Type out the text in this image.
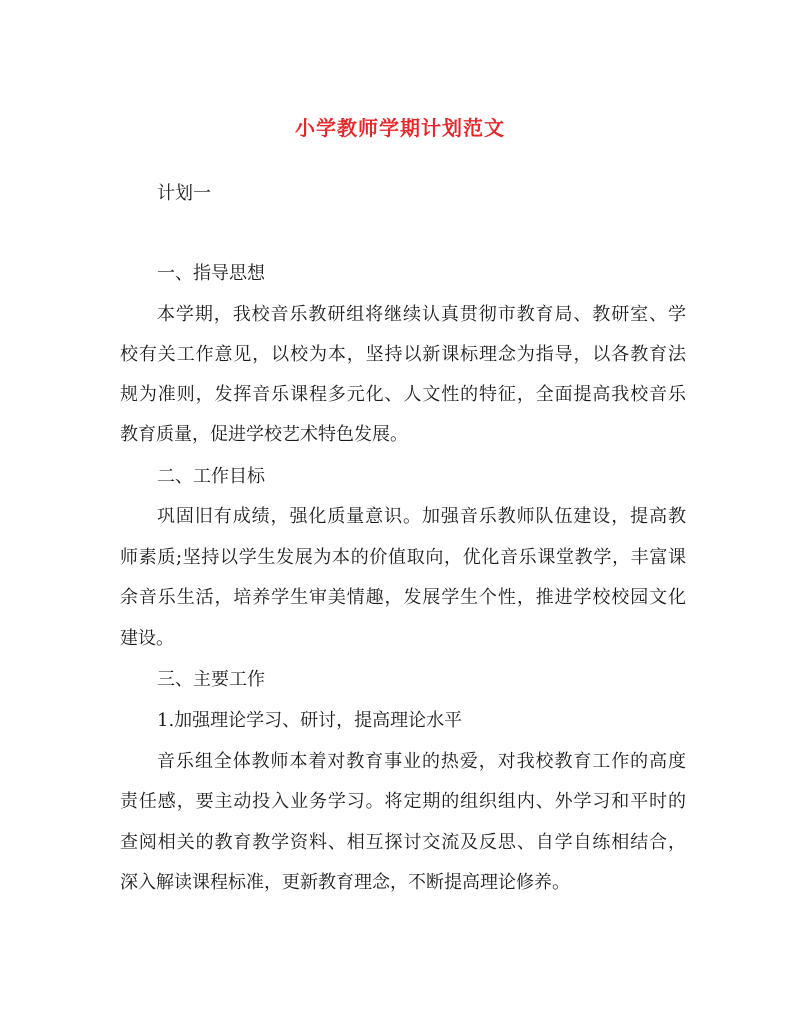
小学教师学期计划范文
计划一
一、指导思想
本学期，我校音乐教研组将继续认真贯彻市教育局、教研室、学
校有关工作意见，以校为本，坚持以新课标理念为指导，以各教育法
规为准则，发挥音乐课程多元化、人文性的特征，全面提高我校音乐
教育质量，促进学校艺术特色发展。
二、工作目标
巩固旧有成绩，强化质量意识。加强音乐教师队伍建设，提高教
师素质;坚持以学生发展为本的价值取向，优化音乐课堂教学，丰富课
余音乐生活，培养学生审美情趣，发展学生个性，推进学校校园文化
建设。
三、主要工作
1.加强理论学习、研讨，提高理论水平
音乐组全体教师本着对教育事业的热爱，对我校教育工作的高度
责任感，要主动投入业务学习。将定期的组织组内、外学习和平时的
查阅相关的教育教学资料、相互探讨交流及反思、自学自练相结合，
深入解读课程标准，更新教育理念，不断提高理论修养。
